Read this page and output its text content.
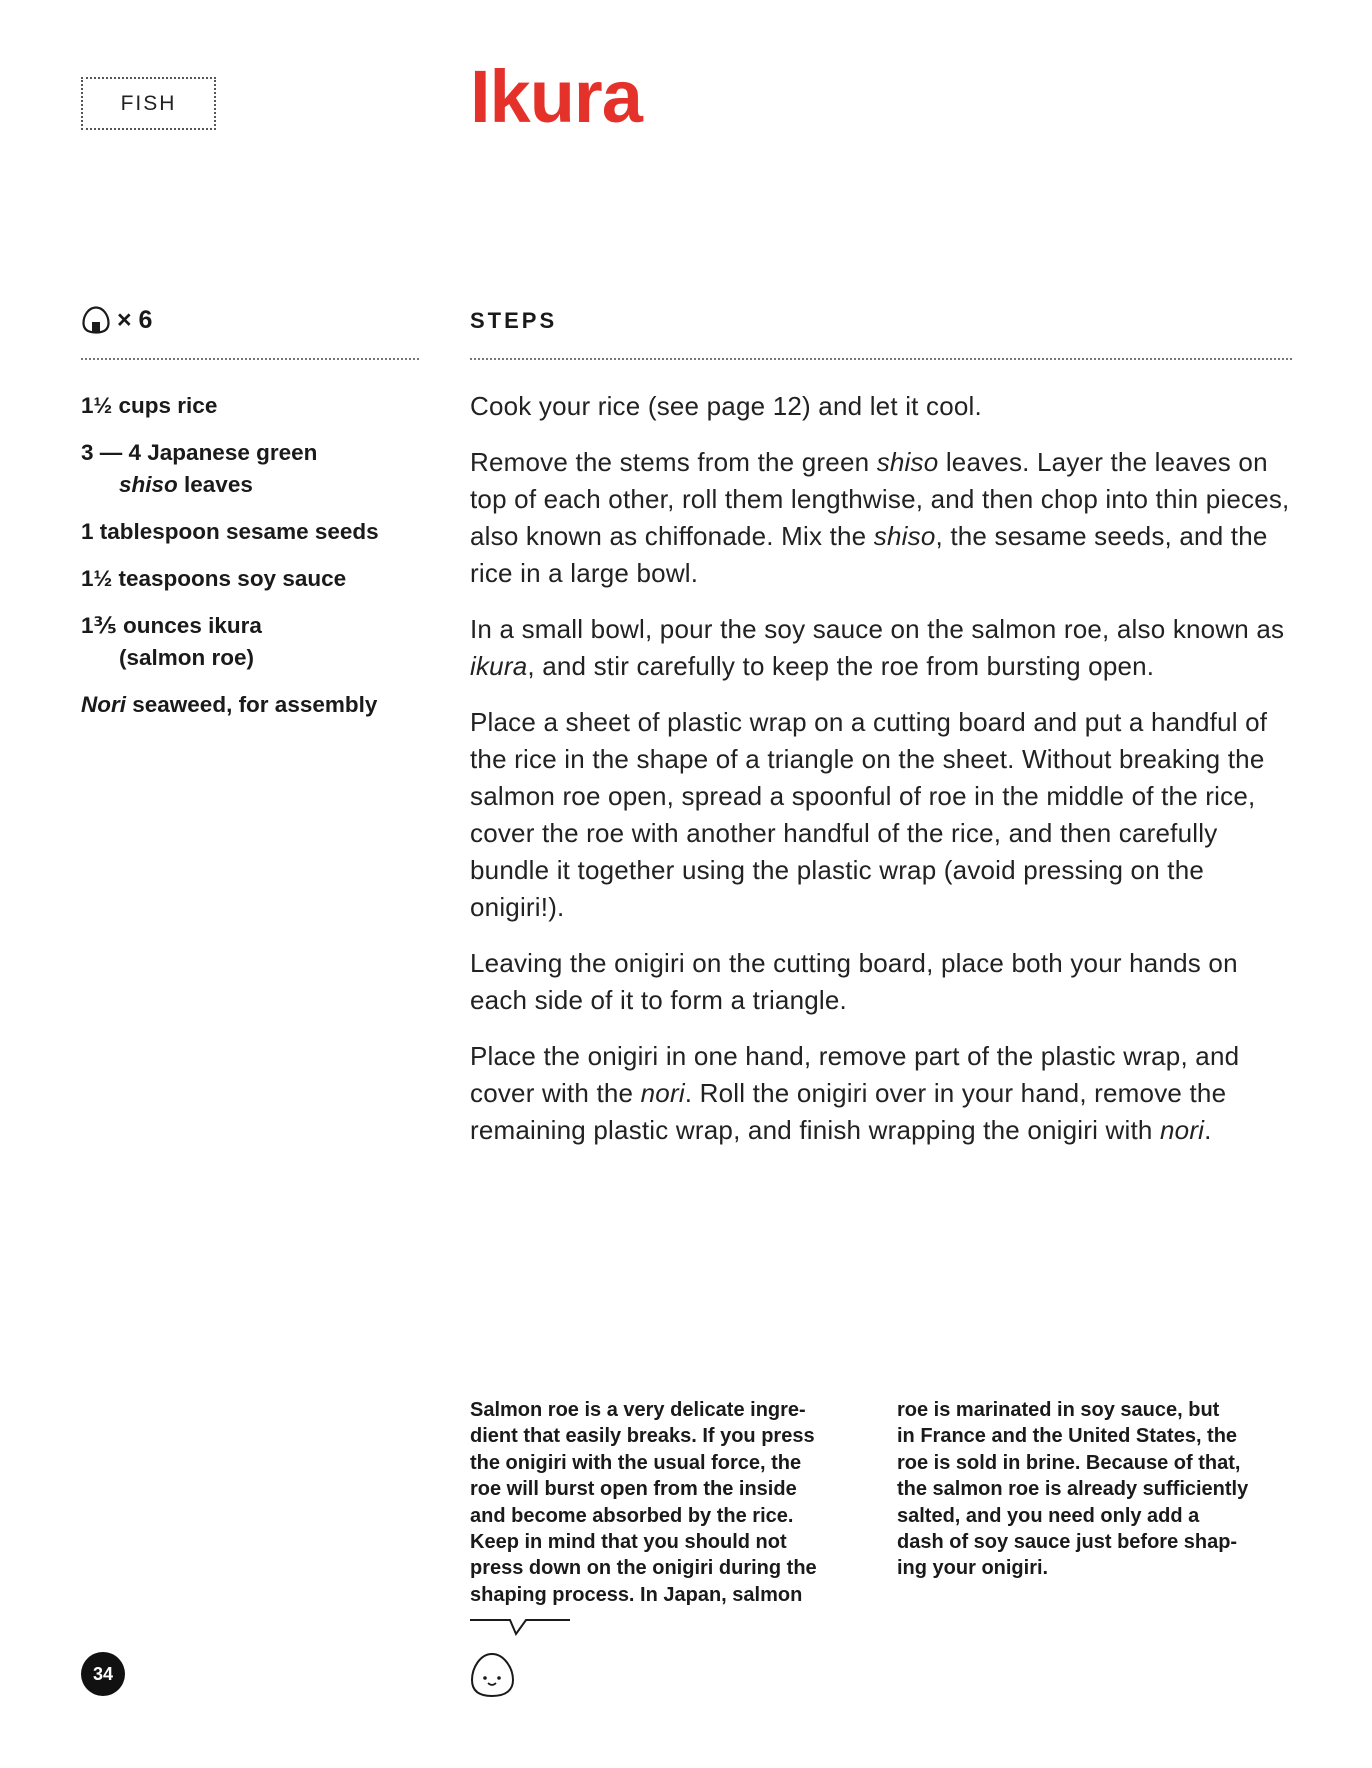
FISH	Ikura
× 6	STEPS
1½ cups rice
3 — 4 Japanese green
shiso leaves
1 tablespoon sesame seeds
1½ teaspoons soy sauce
1⅗ ounces ikura
(salmon roe)
Nori seaweed, for assembly

Cook your rice (see page 12) and let it cool.

Remove the stems from the green shiso leaves. Layer the leaves on top of each other, roll them lengthwise, and then chop into thin pieces, also known as chiffonade. Mix the shiso, the sesame seeds, and the rice in a large bowl.

In a small bowl, pour the soy sauce on the salmon roe, also known as ikura, and stir carefully to keep the roe from bursting open.

Place a sheet of plastic wrap on a cutting board and put a handful of the rice in the shape of a triangle on the sheet. Without breaking the salmon roe open, spread a spoonful of roe in the middle of the rice, cover the roe with another handful of the rice, and then carefully bundle it together using the plastic wrap (avoid pressing on the onigiri!).

Leaving the onigiri on the cutting board, place both your hands on each side of it to form a triangle.

Place the onigiri in one hand, remove part of the plastic wrap, and cover with the nori. Roll the onigiri over in your hand, remove the remaining plastic wrap, and finish wrapping the onigiri with nori.

Salmon roe is a very delicate ingre-
dient that easily breaks. If you press
the onigiri with the usual force, the
roe will burst open from the inside
and become absorbed by the rice.
Keep in mind that you should not
press down on the onigiri during the
shaping process. In Japan, salmon
roe is marinated in soy sauce, but
in France and the United States, the
roe is sold in brine. Because of that,
the salmon roe is already sufficiently
salted, and you need only add a
dash of soy sauce just before shap-
ing your onigiri.
34
